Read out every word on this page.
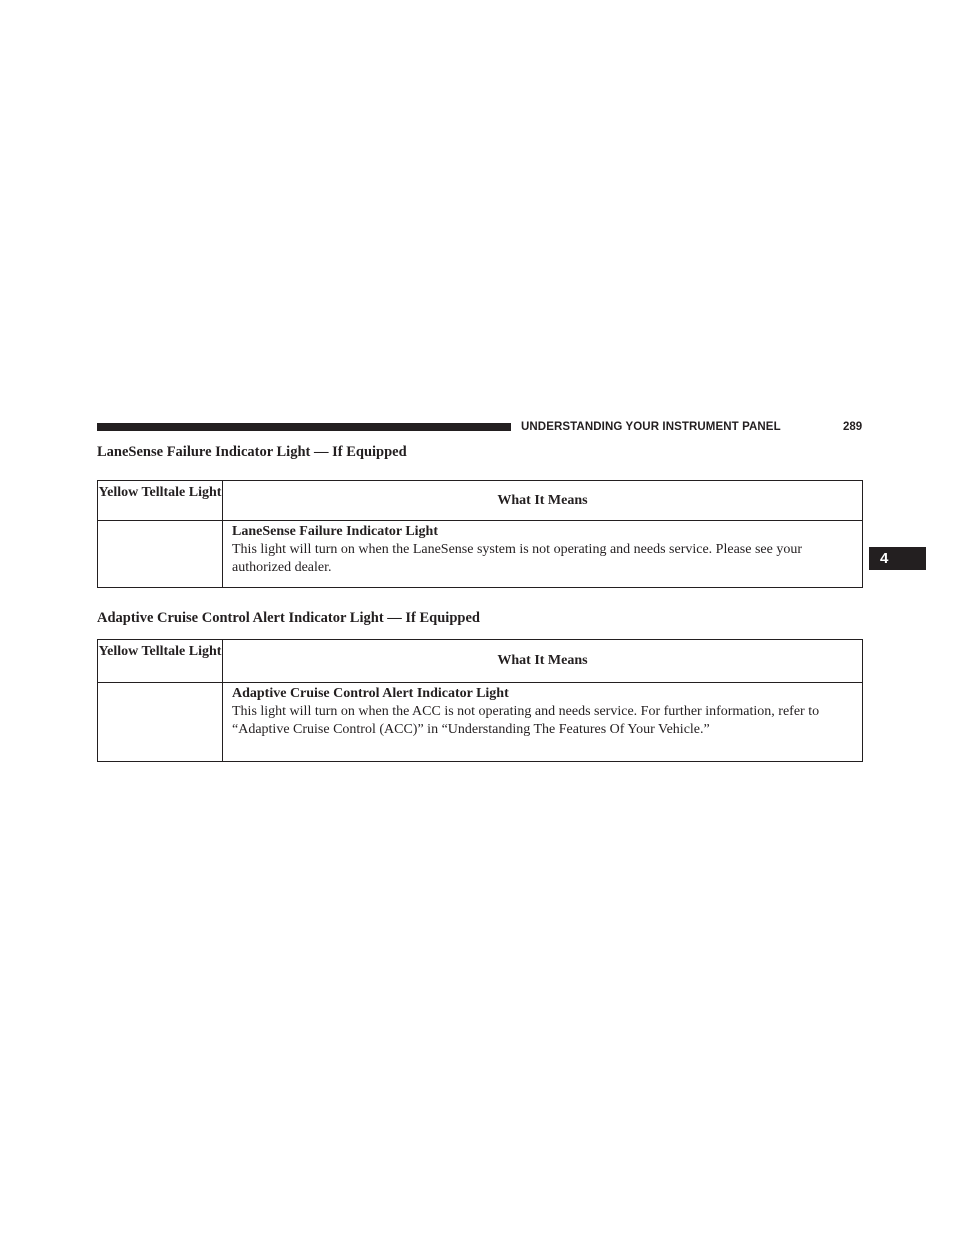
UNDERSTANDING YOUR INSTRUMENT PANEL	289
4
LaneSense Failure Indicator Light — If Equipped
Yellow Telltale Light	What It Means

	LaneSense Failure Indicator Light
This light will turn on when the LaneSense system is not operating and needs service. Please see your authorized dealer.
Adaptive Cruise Control Alert Indicator Light — If Equipped
Yellow Telltale Light	What It Means

	Adaptive Cruise Control Alert Indicator Light
This light will turn on when the ACC is not operating and needs service. For further information, refer to “Adaptive Cruise Control (ACC)” in “Understanding The Features Of Your Vehicle.”
